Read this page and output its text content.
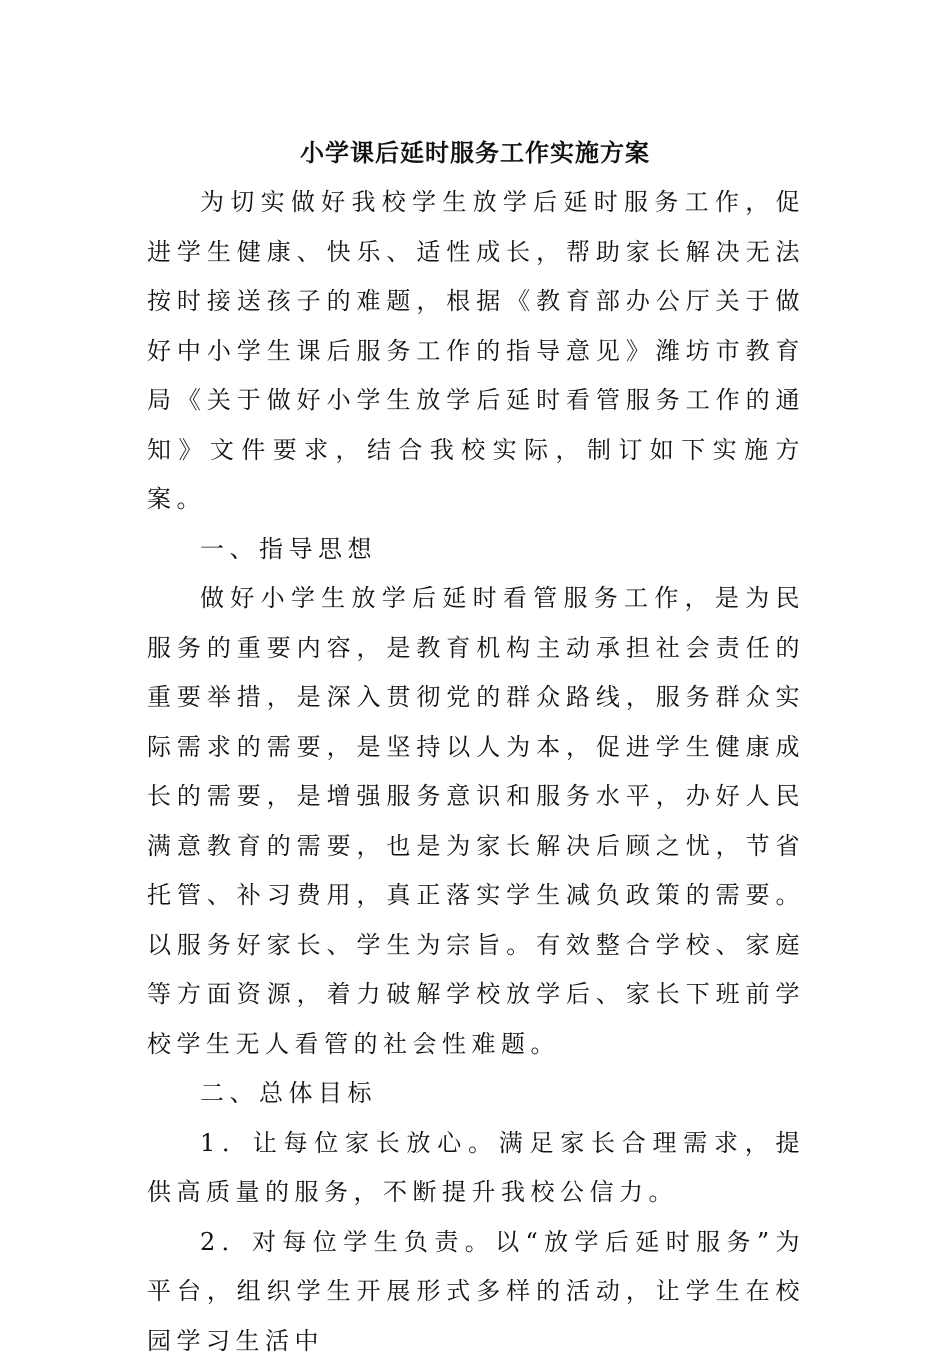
小学课后延时服务工作实施方案

为切实做好我校学生放学后延时服务工作，促进学生健康、快乐、适性成长，帮助家长解决无法按时接送孩子的难题，根据《教育部办公厅关于做好中小学生课后服务工作的指导意见》潍坊市教育局《关于做好小学生放学后延时看管服务工作的通知》文件要求，结合我校实际，制订如下实施方案。

一、指导思想

做好小学生放学后延时看管服务工作，是为民服务的重要内容，是教育机构主动承担社会责任的重要举措，是深入贯彻党的群众路线，服务群众实际需求的需要，是坚持以人为本，促进学生健康成长的需要，是增强服务意识和服务水平，办好人民满意教育的需要，也是为家长解决后顾之忧，节省托管、补习费用，真正落实学生减负政策的需要。以服务好家长、学生为宗旨。有效整合学校、家庭等方面资源，着力破解学校放学后、家长下班前学校学生无人看管的社会性难题。

二、总体目标

1．让每位家长放心。满足家长合理需求，提供高质量的服务，不断提升我校公信力。

2．对每位学生负责。以“放学后延时服务”为平台，组织学生开展形式多样的活动，让学生在校园学习生活中
